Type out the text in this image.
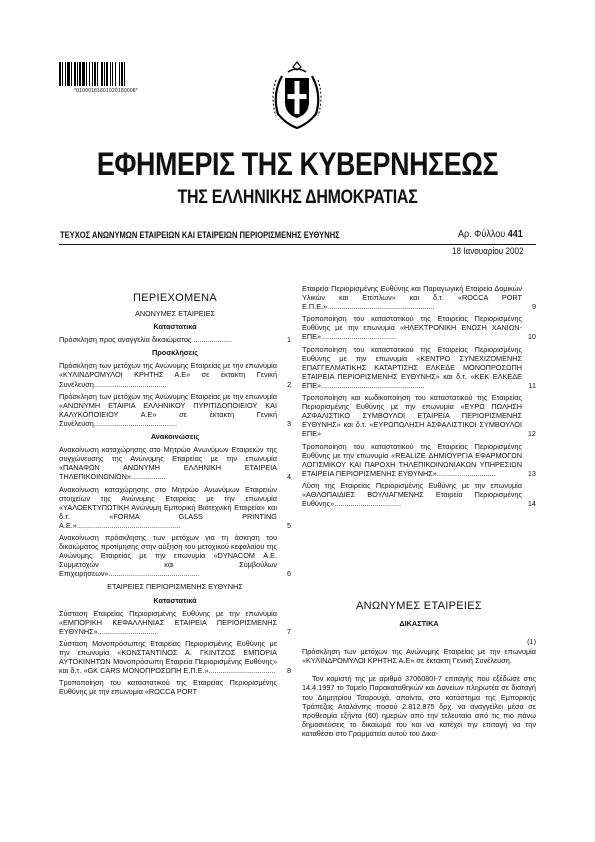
*01000181801020180008*
ΕΦΗΜΕΡΙΣ ΤΗΣ ΚΥΒΕΡΝΗΣΕΩΣ
ΤΗΣ ΕΛΛΗΝΙΚΗΣ ΔΗΜΟΚΡΑΤΙΑΣ
ΤΕΥΧΟΣ ΑΝΩΝΥΜΩΝ ΕΤΑΙΡΕΙΩΝ ΚΑΙ ΕΤΑΙΡΕΙΩΝ ΠΕΡΙΟΡΙΣΜΕΝΗΣ ΕΥΘΥΝΗΣ	Αρ. Φύλλου 441
18 Ιανουαρίου 2002
ΠΕΡΙΕΧΟΜΕΝΑ
ΑΝΩΝΥΜΕΣ ΕΤΑΙΡΕΙΕΣ
Καταστατικά
Πρόσκληση προς αναγγελία δικαιώματος ...................	1
Προσκλήσεις
Πρόσκληση των μετόχων της Ανώνυμης Εταιρείας με την επωνυμία «ΚΥΛΙΝΔΡΟΜΥΛΟΙ ΚΡΗΤΗΣ Α.Ε» σε έκτακτη Γενική Συνέλευση....................................	2
Πρόσκληση των μετόχων της Ανώνυμης Εταιρείας με την επωνυμία «ΑΝΩΝΥΜΗ ΕΤΑΙΡΙΑ ΕΛΛΗΝΙΚΟΥ ΠΥΡΙΤΙΔΟΠΟΙΕΙΟΥ ΚΑΙ ΚΑΛΥΚΟΠΟΙΕΙΟΥ Α.Ε» σε έκτακτη Γενική Συνέλευση.........................................	3
Ανακοινώσεις
Ανακοίνωση καταχώρησης στο Μητρώο Ανωνύμων Εταιρειών της συγχώνευσης της Ανώνυμης Εταιρείας με την επωνυμία «ΠΑΝΑΦΩΝ ΑΝΩΝΥΜΗ ΕΛΛΗΝΙΚΗ ΕΤΑΙΡΕΙΑ ΤΗΛΕΠΙΚΟΙΝΩΝΙΩΝ».................	4
Ανακοίνωση καταχώρησης στο Μητρώο Ανωνύμων Εταιρειών στοιχείων της Ανώνυμης Εταιρείας με την επωνυμία «ΥΑΛΟΕΚΤΥΠΩΤΙΚΗ Ανώνυμη Εμπορική Βιοτεχνική Εταιρεία» και δ.τ. «FORMA GLASS PRINTING Α.Ε.»...................................................	5
Ανακοίνωση πρόσκλησης των μετόχων για τη άσκηση του δικαιώματος προτίμησης στην αύξηση του μετοχικού κεφαλαίου της Ανώνυμης Εταιρείας με την επωνυμία «DYNACOM Α.Ε. Συμμετοχών και Συμβούλων Επιχειρήσεων».............................................	6
ΕΤΑΙΡΕΙΕΣ ΠΕΡΙΟΡΙΣΜΕΝΗΣ ΕΥΘΥΝΗΣ
Καταστατικά
Σύσταση Εταιρείας Περιορισμένης Ευθύνης με την επωνυμία «ΕΜΠΟΡΙΚΗ ΚΕΦΑΛΛΗΝΙΑΣ ΕΤΑΙΡΕΙΑ ΠΕΡΙΟΡΙΣΜΕΝΗΣ ΕΥΘΥΝΗΣ».............................	7
Σύσταση Μονοπρόσωπης Εταιρείας Περιορισμένης Ευθύνης με την επωνυμία «ΚΩΝΣΤΑΝΤΙΝΟΣ Α. ΓΚΙΝΤΖΟΣ ΕΜΠΟΡΙΑ ΑΥΤΟΚΙΝΗΤΩΝ Μονοπρόσωπη Εταιρεία Περιορισμένης Ευθύνης» και δ.τ. «GK CARS ΜΟΝΟΠΡΟΣΩΠΗ Ε.Π.Ε.».................................	8
Τροποποίηση του καταστατικού της Εταιρείας Περιορισμένης Ευθύνης με την επωνυμία «ROCCA PORT
Εταιρεία Περιορισμένης Ευθύνης και Παραγωγική Εταιρεία Δομικών Υλικών και Επίπλων» και δ.τ. «ROCCA PORT Ε.Π.Ε.».....................................................	9
Τροποποίηση του καταστατικού της Εταιρείας Περιορισμένης Ευθύνης με την επωνυμία «ΗΛΕΚΤΡΟΝΙΚΗ ΕΝΩΣΗ ΧΑΝΙΩΝ-ΕΠΕ».....................................	10
Τροποποίηση του καταστατικού της Εταιρείας Περιορισμένης Ευθύνης με την επωνυμία «ΚΕΝΤΡΟ ΣΥΝΕΧΙΖΟΜΕΝΗΣ ΕΠΑΓΓΕΛΜΑΤΙΚΗΣ ΚΑΤΑΡΤΙΣΗΣ ΕΛΚΕΔΕ ΜΟΝΟΠΡΟΣΩΠΗ ΕΤΑΙΡΕΙΑ ΠΕΡΙΟΡΙΣΜΕΝΗΣ ΕΥΘΥΝΗΣ» και δ.τ. «ΚΕΚ ΕΛΚΕΔΕ ΕΠΕ»...................................................	11
Τροποποίηση και κωδικοποίηση του καταστατικού της Εταιρείας Περιορισμένης Ευθύνης με την επωνυμία «ΕΥΡΩ ΠΩΛΗΣΗ ΑΣΦΑΛΙΣΤΙΚΟ ΣΥΜΒΟΥΛΟΙ ΕΤΑΙΡΕΙΑ ΠΕΡΙΟΡΙΣΜΕΝΗΣ ΕΥΘΥΝΗΣ» και δ.τ. «ΕΥΡΩΠΩΛΗΣΗ ΑΣΦΑΛΙΣΤΙΚΟΙ ΣΥΜΒΟΥΛΟΙ ΕΠΕ»	12
Τροποποίηση του καταστατικού της Εταιρείας Περιορισμένης Ευθύνης με την επωνυμία «REALIZE ΔΗΜΙΟΥΡΓΙΑ ΕΦΑΡΜΟΓΩΝ ΛΟΓΙΣΜΙΚΟΥ ΚΑΙ ΠΑΡΟΧΗ ΤΗΛΕΠΙΚΟΙΝΩΝΙΑΚΩΝ ΥΠΗΡΕΣΙΩΝ ΕΤΑΙΡΕΙΑ ΠΕΡΙΟΡΙΣΜΕΝΗΣ ΕΥΘΥΝΗΣ».............................	13
Λύση της Εταιρείας Περιορισμένης Ευθύνης με την επωνυμία «ΑΘΛΟΠΑΙΔΙΕΣ ΒΟΥΛΙΑΓΜΕΝΗΣ Εταιρεία Περιορισμένης Ευθύνης».................................	14
ΑΝΩΝΥΜΕΣ ΕΤΑΙΡΕΙΕΣ
ΔΙΚΑΣΤΙΚΑ
(1)
Πρόσκληση των μετόχων της Ανώνυμης Εταιρείας με την επωνυμία «ΚΥΛΙΝΔΡΟΜΥΛΟΙ ΚΡΗΤΗΣ Α.Ε» σε έκτακτη Γενική Συνέλευση.
Τον κομιστή της με αριθμό 3706080Ι-7 επιταγής που εξέδωσε στις 14.4.1997 το Ταμείο Παρακαταθηκών και Δανείων πληρωτέα σε διαταγή του Δημητρίου Τσαρουχά, αποίντα, στο κατάστημα της Εμπορικής Τράπεζας Αταλάντης ποσού 2.812.875 δρχ. να αναγγείλει μέσα σε προθεσμία εξήντα (60) ημερών από την τελευταία από τις πιο πάνω δημοσιεύσεις το δικαίωμά του και να κατέχει την επιταγή να την καταθέσει στο Γραμματεία αυτού του Δικα-
